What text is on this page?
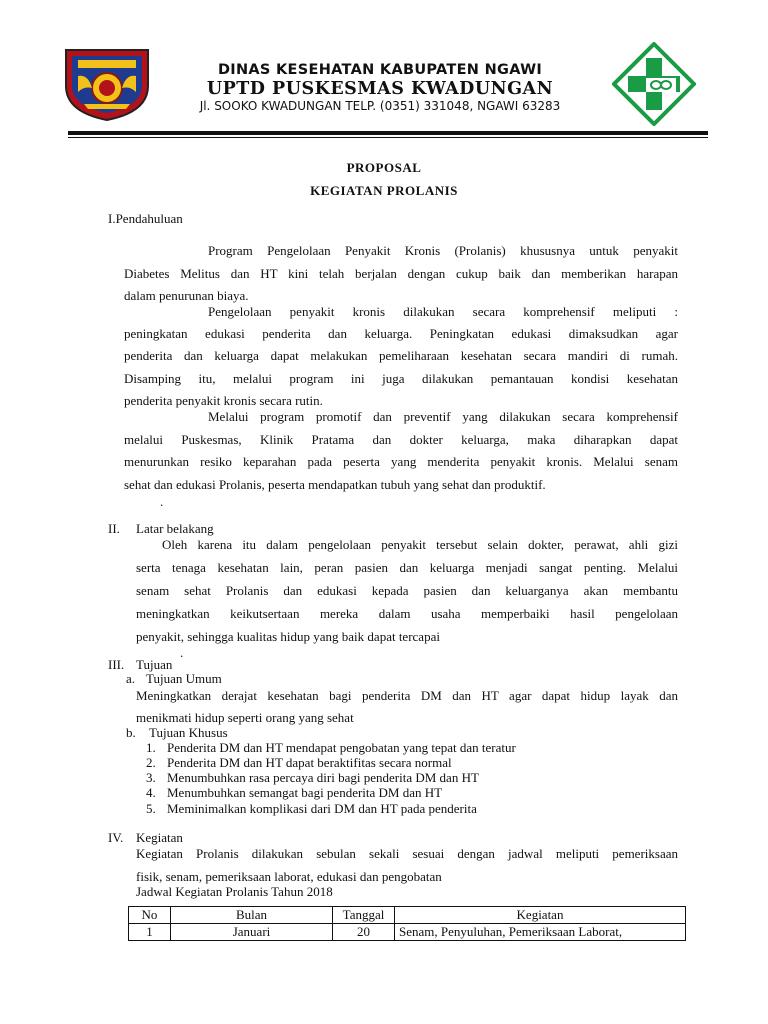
DINAS KESEHATAN KABUPATEN NGAWI
UPTD PUSKESMAS KWADUNGAN
Jl. SOOKO KWADUNGAN TELP. (0351) 331048, NGAWI 63283
PROPOSAL
KEGIATAN PROLANIS
I.Pendahuluan
Program Pengelolaan Penyakit Kronis (Prolanis) khususnya untuk penyakit
Diabetes Melitus dan HT kini telah berjalan dengan cukup baik dan memberikan harapan
dalam penurunan biaya.
Pengelolaan penyakit kronis dilakukan secara komprehensif meliputi :
peningkatan edukasi penderita dan keluarga. Peningkatan edukasi dimaksudkan agar
penderita dan keluarga dapat melakukan pemeliharaan kesehatan secara mandiri di rumah.
Disamping itu, melalui program ini juga dilakukan pemantauan kondisi kesehatan
penderita penyakit kronis secara rutin.
Melalui program promotif dan preventif yang dilakukan secara komprehensif
melalui Puskesmas, Klinik Pratama dan dokter keluarga, maka diharapkan dapat
menurunkan resiko keparahan pada peserta yang menderita penyakit kronis. Melalui senam
sehat dan edukasi Prolanis, peserta mendapatkan tubuh yang sehat dan produktif.
.
II. Latar belakang
Oleh karena itu dalam pengelolaan penyakit tersebut selain dokter, perawat, ahli gizi
serta tenaga kesehatan lain, peran pasien dan keluarga menjadi sangat penting. Melalui
senam sehat Prolanis dan edukasi kepada pasien dan keluarganya akan membantu
meningkatkan keikutsertaan mereka dalam usaha memperbaiki hasil pengelolaan
penyakit, sehingga kualitas hidup yang baik dapat tercapai
.
III. Tujuan
a. Tujuan Umum
Meningkatkan derajat kesehatan bagi penderita DM dan HT agar dapat hidup layak dan
menikmati hidup seperti orang yang sehat
b. Tujuan Khusus
1. Penderita DM dan HT mendapat pengobatan yang tepat dan teratur
2. Penderita DM dan HT dapat beraktifitas secara normal
3. Menumbuhkan rasa percaya diri bagi penderita DM dan HT
4. Menumbuhkan semangat bagi penderita DM dan HT
5. Meminimalkan komplikasi dari DM dan HT pada penderita
IV. Kegiatan
Kegiatan Prolanis dilakukan sebulan sekali sesuai dengan jadwal meliputi pemeriksaan
fisik, senam, pemeriksaan laborat, edukasi dan pengobatan
Jadwal Kegiatan Prolanis Tahun 2018
No	Bulan	Tanggal	Kegiatan
1	Januari	20	Senam, Penyuluhan, Pemeriksaan Laborat,
